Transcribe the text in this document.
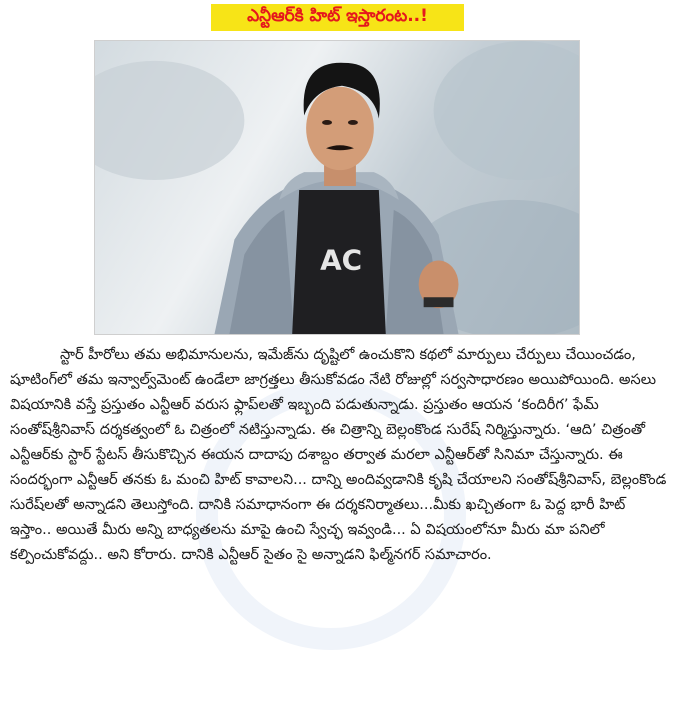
ఎన్టీఆర్‌కి హిట్ ఇస్తారంట..!
AC

స్టార్ హీరోలు తమ అభిమానులను, ఇమేజ్‌ను దృష్టిలో ఉంచుకొని కథలో మార్పులు చేర్పులు చేయించడం, షూటింగ్‌లో తమ ఇన్వాల్వ్‌మెంట్ ఉండేలా జాగ్రత్తలు తీసుకోవడం నేటి రోజుల్లో సర్వసాధారణం అయిపోయింది. అసలు విషయానికి వస్తే ప్రస్తుతం ఎన్టీఆర్ వరుస ఫ్లాప్‌లతో ఇబ్బంది పడుతున్నాడు. ప్రస్తుతం ఆయన ‘కందిరీగ’ ఫేమ్ సంతోష్‌శ్రీనివాస్ దర్శకత్వంలో ఓ చిత్రంలో నటిస్తున్నాడు. ఈ చిత్రాన్ని బెల్లంకొండ సురేష్ నిర్మిస్తున్నారు. ‘ఆది’ చిత్రంతో ఎన్టీఆర్‌కు స్టార్ స్టేటస్ తీసుకొచ్చిన ఈయన దాదాపు దశాబ్దం తర్వాత మరలా ఎన్టీఆర్‌తో సినిమా చేస్తున్నారు. ఈ సందర్భంగా ఎన్టీఆర్ తనకు ఓ మంచి హిట్ కావాలని... దాన్ని అందివ్వడానికి కృషి చేయాలని సంతోష్‌శ్రీనివాస్, బెల్లంకొండ సురేష్‌లతో అన్నాడని తెలుస్తోంది. దానికి సమాధానంగా ఈ దర్శకనిర్మాతలు...మీకు ఖచ్చితంగా ఓ పెద్ద భారీ హిట్ ఇస్తాం.. అయితే మీరు అన్ని బాధ్యతలను మాపై ఉంచి స్వేచ్ఛ ఇవ్వండి... ఏ విషయంలోనూ మీరు మా పనిలో కల్పించుకోవద్దు.. అని కోరారు. దానికి ఎన్టీఆర్ సైతం సై అన్నాడని ఫిల్మ్‌నగర్ సమాచారం.
